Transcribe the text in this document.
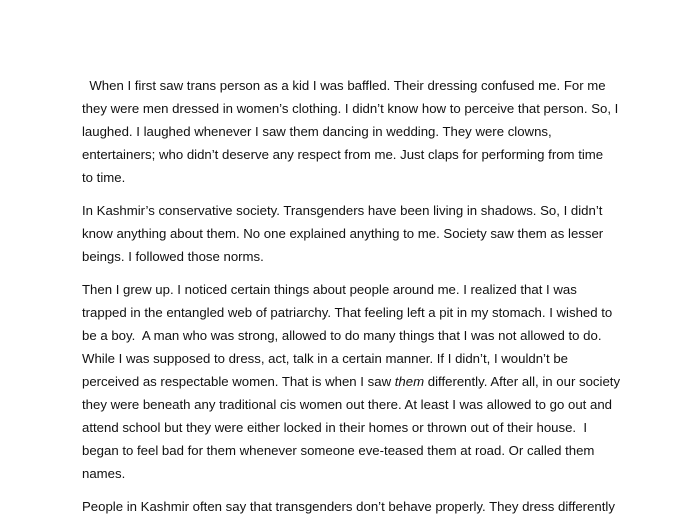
When I first saw trans person as a kid I was baffled. Their dressing confused me. For me
they were men dressed in women’s clothing. I didn’t know how to perceive that person. So, I
laughed. I laughed whenever I saw them dancing in wedding. They were clowns,
entertainers; who didn’t deserve any respect from me. Just claps for performing from time
to time.

In Kashmir’s conservative society. Transgenders have been living in shadows. So, I didn’t
know anything about them. No one explained anything to me. Society saw them as lesser
beings. I followed those norms.

Then I grew up. I noticed certain things about people around me. I realized that I was
trapped in the entangled web of patriarchy. That feeling left a pit in my stomach. I wished to
be a boy.  A man who was strong, allowed to do many things that I was not allowed to do.
While I was supposed to dress, act, talk in a certain manner. If I didn’t, I wouldn’t be
perceived as respectable women. That is when I saw them differently. After all, in our society
they were beneath any traditional cis women out there. At least I was allowed to go out and
attend school but they were either locked in their homes or thrown out of their house.  I
began to feel bad for them whenever someone eve-teased them at road. Or called them
names.

People in Kashmir often say that transgenders don’t behave properly. They dress differently
